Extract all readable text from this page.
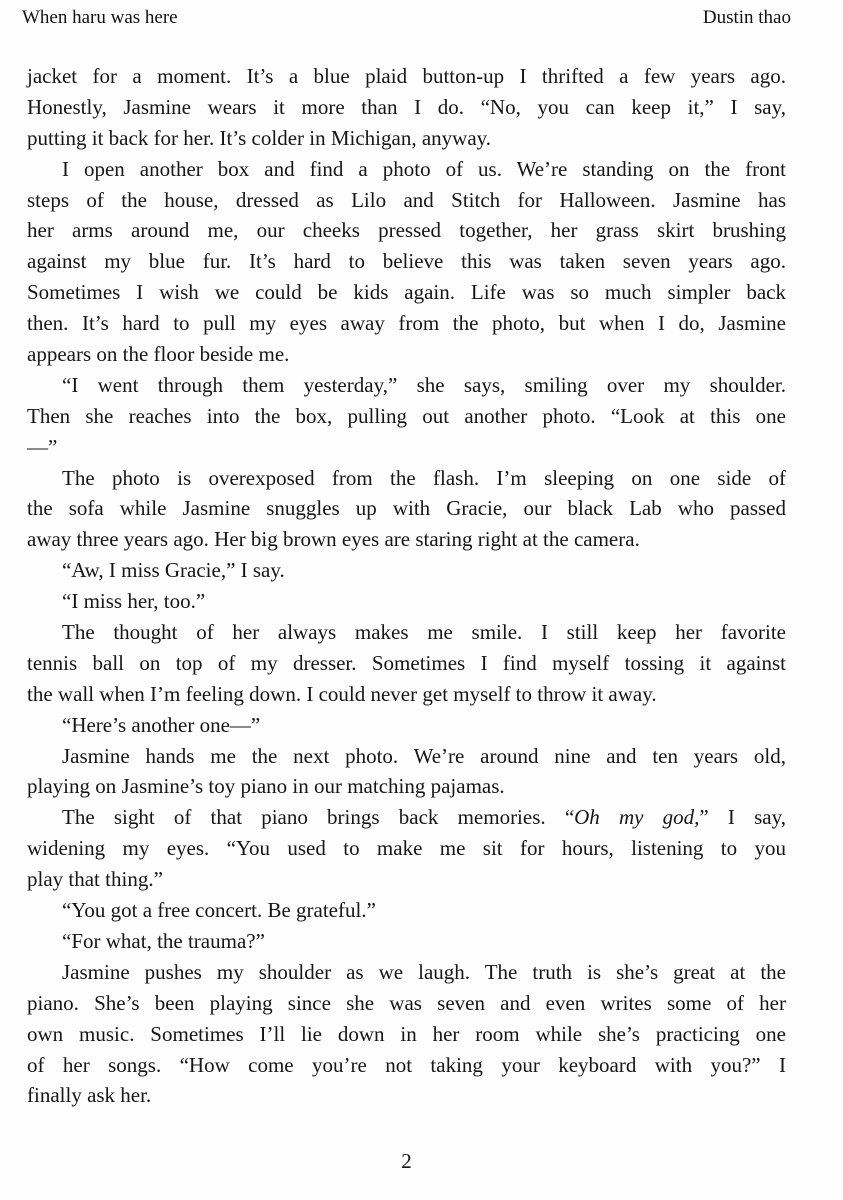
When haru was here	Dustin thao
jacket for a moment. It’s a blue plaid button-up I thrifted a few years ago.
Honestly, Jasmine wears it more than I do. “No, you can keep it,” I say,
putting it back for her. It’s colder in Michigan, anyway.
I open another box and find a photo of us. We’re standing on the front
steps of the house, dressed as Lilo and Stitch for Halloween. Jasmine has
her arms around me, our cheeks pressed together, her grass skirt brushing
against my blue fur. It’s hard to believe this was taken seven years ago.
Sometimes I wish we could be kids again. Life was so much simpler back
then. It’s hard to pull my eyes away from the photo, but when I do, Jasmine
appears on the floor beside me.
“I went through them yesterday,” she says, smiling over my shoulder.
Then she reaches into the box, pulling out another photo. “Look at this one
—”
The photo is overexposed from the flash. I’m sleeping on one side of
the sofa while Jasmine snuggles up with Gracie, our black Lab who passed
away three years ago. Her big brown eyes are staring right at the camera.
“Aw, I miss Gracie,” I say.
“I miss her, too.”
The thought of her always makes me smile. I still keep her favorite
tennis ball on top of my dresser. Sometimes I find myself tossing it against
the wall when I’m feeling down. I could never get myself to throw it away.
“Here’s another one—”
Jasmine hands me the next photo. We’re around nine and ten years old,
playing on Jasmine’s toy piano in our matching pajamas.
The sight of that piano brings back memories. “Oh my god,” I say,
widening my eyes. “You used to make me sit for hours, listening to you
play that thing.”
“You got a free concert. Be grateful.”
“For what, the trauma?”
Jasmine pushes my shoulder as we laugh. The truth is she’s great at the
piano. She’s been playing since she was seven and even writes some of her
own music. Sometimes I’ll lie down in her room while she’s practicing one
of her songs. “How come you’re not taking your keyboard with you?” I
finally ask her.
2
